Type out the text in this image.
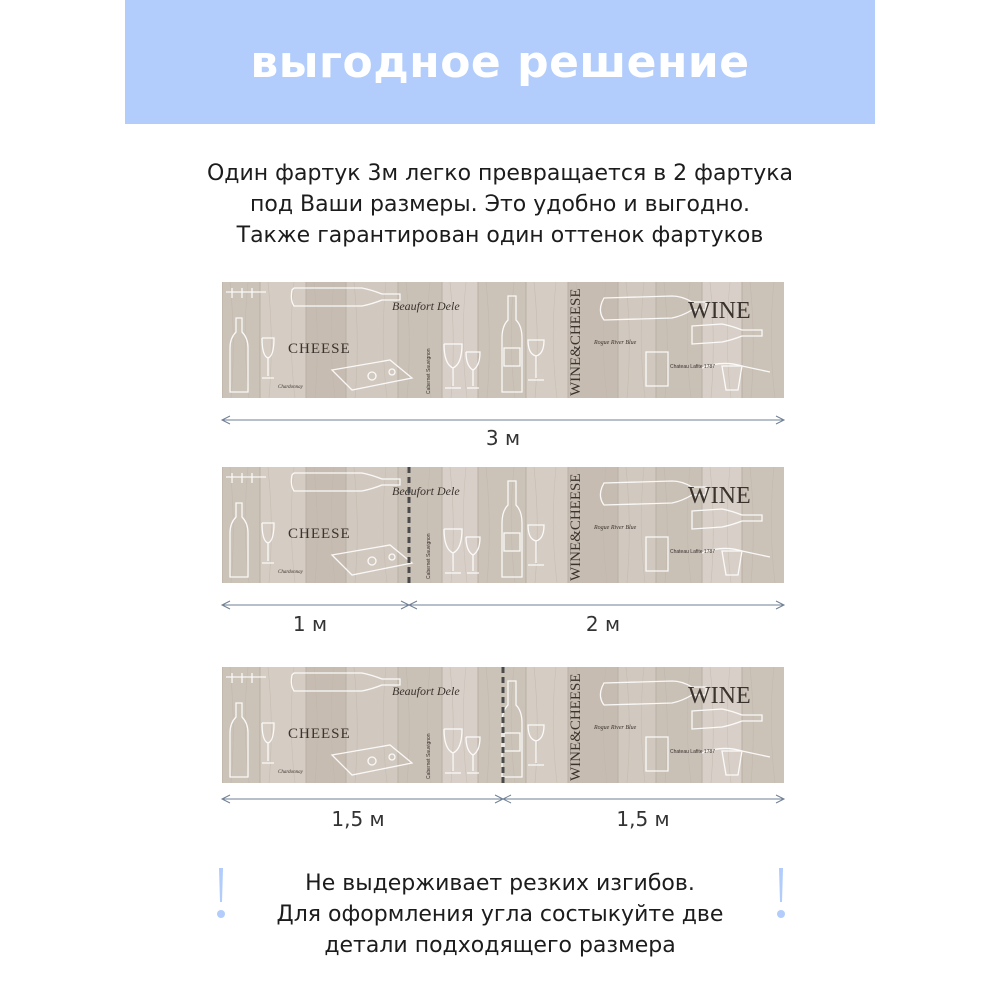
выгодное решение
Один фартук 3м легко превращается в 2 фартука
под Ваши размеры. Это удобно и выгодно.
Также гарантирован один оттенок фартуков
CHEESE
WINE
WINE&CHEESE
Beaufort Dele
Cabernet Sauvignon
Rogue River Blue
Chateau Lafite 1787
Chardonnay
CHEESE
WINE
WINE&CHEESE
Beaufort Dele
Cabernet Sauvignon
Rogue River Blue
Chateau Lafite 1787
Chardonnay
CHEESE
WINE
WINE&CHEESE
Beaufort Dele
Cabernet Sauvignon
Rogue River Blue
Chateau Lafite 1787
Chardonnay
3 м
1 м	2 м
1,5 м	1,5 м
Не выдерживает резких изгибов.
Для оформления угла состыкуйте две
детали подходящего размера
